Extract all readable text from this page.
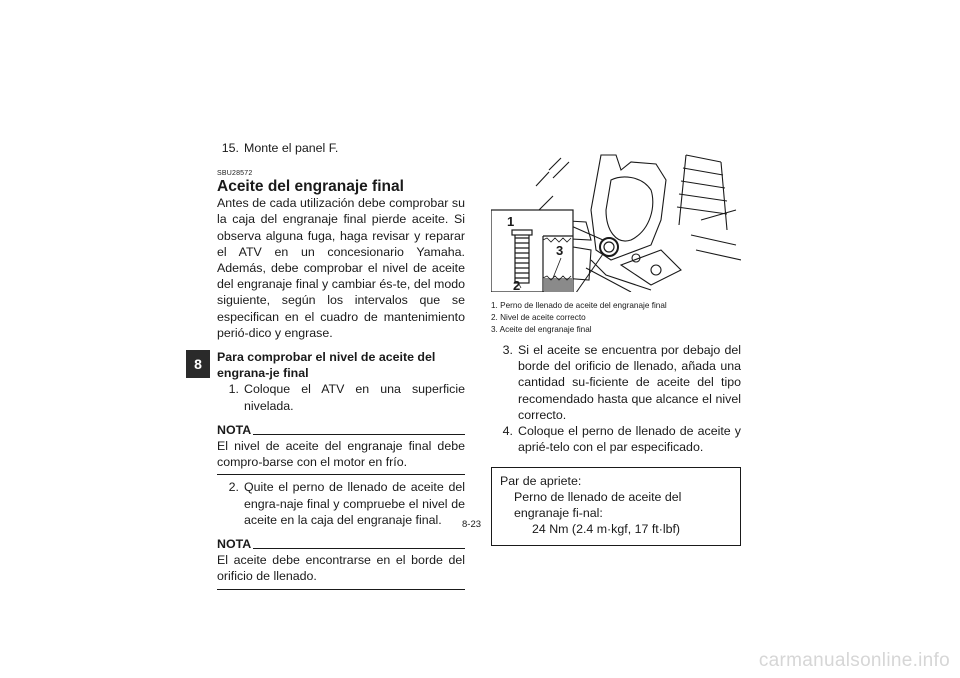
8
15. Monte el panel F.
SBU28572
Aceite del engranaje final
Antes de cada utilización debe comprobar su la caja del engranaje final pierde aceite. Si observa alguna fuga, haga revisar y reparar el ATV en un concesionario Yamaha. Además, debe comprobar el nivel de aceite del engranaje final y cambiar és-te, del modo siguiente, según los intervalos que se especifican en el cuadro de mantenimiento perió-dico y engrase.
Para comprobar el nivel de aceite del engrana-je final
1. Coloque el ATV en una superficie nivelada.
NOTA
El nivel de aceite del engranaje final debe compro-barse con el motor en frío.
2. Quite el perno de llenado de aceite del engra-naje final y compruebe el nivel de aceite en la caja del engranaje final.
NOTA
El aceite debe encontrarse en el borde del orificio de llenado.
1
2
3
1. Perno de llenado de aceite del engranaje final
2. Nivel de aceite correcto
3. Aceite del engranaje final
3. Si el aceite se encuentra por debajo del borde del orificio de llenado, añada una cantidad su-ficiente de aceite del tipo recomendado hasta que alcance el nivel correcto.
4. Coloque el perno de llenado de aceite y aprié-telo con el par especificado.
Par de apriete:
Perno de llenado de aceite del engranaje fi-nal:
24 Nm (2.4 m·kgf, 17 ft·lbf)
8-23
carmanualsonline.info
